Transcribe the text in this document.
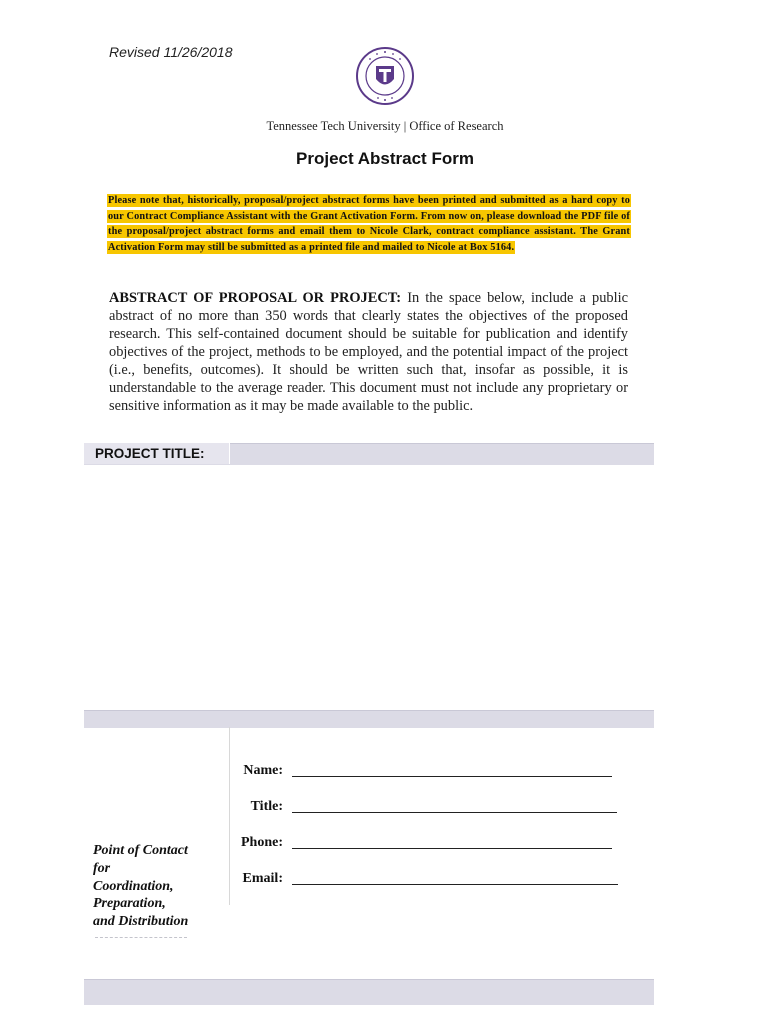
Revised 11/26/2018
Tennessee Tech University | Office of Research
Project Abstract Form
Please note that, historically, proposal/project abstract forms have been printed and submitted as a hard copy to our Contract Compliance Assistant with the Grant Activation Form. From now on, please download the PDF file of the proposal/project abstract forms and email them to Nicole Clark, contract compliance assistant. The Grant Activation Form may still be submitted as a printed file and mailed to Nicole at Box 5164.
ABSTRACT OF PROPOSAL OR PROJECT: In the space below, include a public abstract of no more than 350 words that clearly states the objectives of the proposed research. This self-contained document should be suitable for publication and identify objectives of the project, methods to be employed, and the potential impact of the project (i.e., benefits, outcomes). It should be written such that, insofar as possible, it is understandable to the average reader. This document must not include any proprietary or sensitive information as it may be made available to the public.
PROJECT TITLE:
Point of Contact
for
Coordination,
Preparation,
and Distribution
Name:
Title:
Phone:
Email:
